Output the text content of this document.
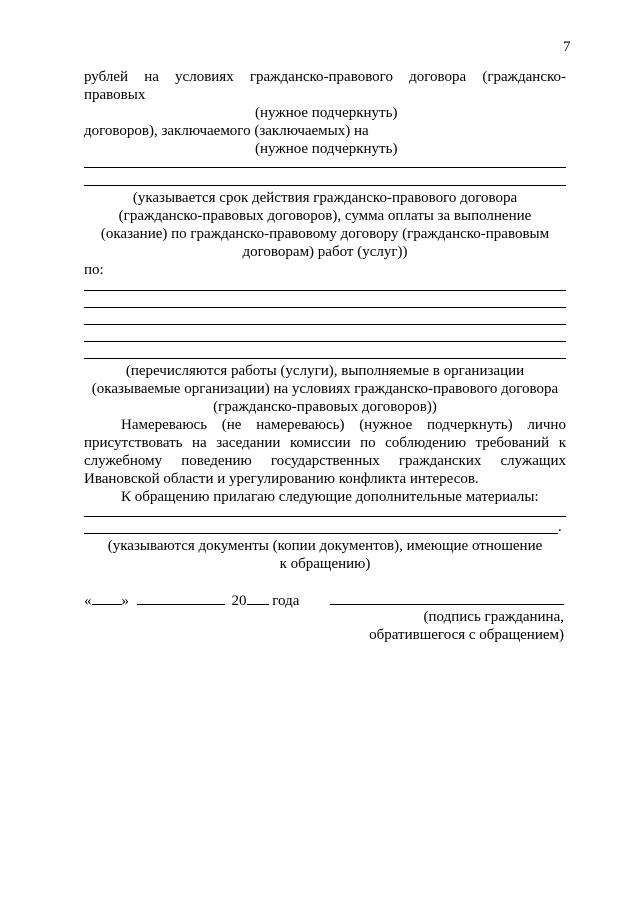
7
рублей на условиях гражданско-правового договора (гражданско-
правовых
(нужное подчеркнуть)
договоров), заключаемого (заключаемых) на
(нужное подчеркнуть)
(указывается срок действия гражданско-правового договора
(гражданско-правовых договоров), сумма оплаты за выполнение
(оказание) по гражданско-правовому договору (гражданско-правовым
договорам) работ (услуг))
по:
(перечисляются работы (услуги), выполняемые в организации
(оказываемые организации) на условиях гражданско-правового договора
(гражданско-правовых договоров))
Намереваюсь (не намереваюсь) (нужное подчеркнуть) лично
присутствовать на заседании комиссии по соблюдению требований к
служебному поведению государственных гражданских служащих
Ивановской области и урегулированию конфликта интересов.
К обращению прилагаю следующие дополнительные материалы:
.
(указываются документы (копии документов), имеющие отношение
к обращению)
« »	20 года
(подпись гражданина,
обратившегося с обращением)
